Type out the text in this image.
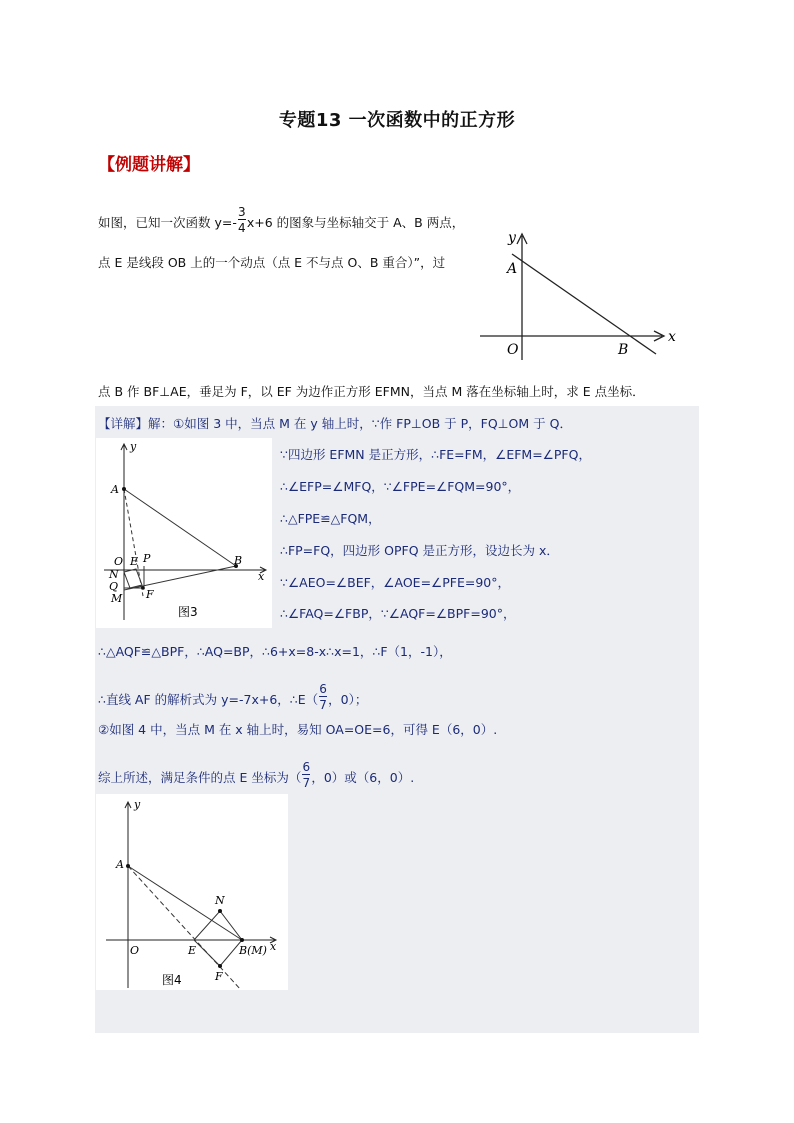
专题13 一次函数中的正方形
【例题讲解】
如图，已知一次函数 y=-
$\frac{3}{4}$
x+6 的图象与坐标轴交于 A、B 两点，
点 E 是线段 OB 上的一个动点（点 E 不与点 O、B 重合）”，过
点 B 作 BF⊥AE，垂足为 F，以 EF 为边作正方形 EFMN，当点 M 落在坐标轴上时，求 E 点坐标．
y
x
A
O	B
【详解】解：①如图 3 中，当点 M 在 y 轴上时，∵作 FP⊥OB 于 P，FQ⊥OM 于 Q．
y
x
A
O E P	B
N
Q
M F
图3
∵四边形 EFMN 是正方形，∴FE=FM，∠EFM=∠PFQ，
∴∠EFP=∠MFQ，∵∠FPE=∠FQM=90°，
∴△FPE≌△FQM，
∴FP=FQ，四边形 OPFQ 是正方形，设边长为 x．
∵∠AEO=∠BEF，∠AOE=∠PFE=90°，
∴∠FAQ=∠FBP，∵∠AQF=∠BPF=90°，
∴△AQF≌△BPF，∴AQ=BP，∴6+x=8-x∴x=1，∴F（1，-1），
∴直线 AF 的解析式为 y=-7x+6，∴E（
$\frac{6}{7}$
，0）；
②如图 4 中，当点 M 在 x 轴上时，易知 OA=OE=6，可得 E（6，0）.
综上所述，满足条件的点 E 坐标为（
$\frac{6}{7}$
，0）或（6，0）.
y
x
A
O	E
N
B(M)
F
图4
